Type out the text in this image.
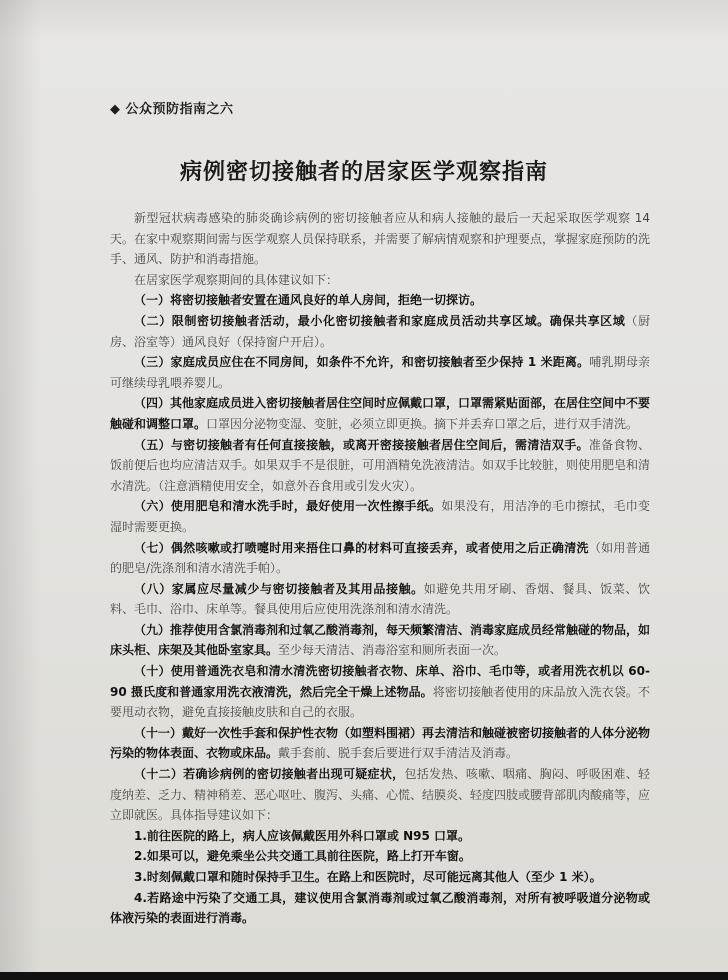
◆ 公众预防指南之六
病例密切接触者的居家医学观察指南

新型冠状病毒感染的肺炎确诊病例的密切接触者应从和病人接触的最后一天起采取医学观察 14 天。在家中观察期间需与医学观察人员保持联系，并需要了解病情观察和护理要点，掌握家庭预防的洗手、通风、防护和消毒措施。

在居家医学观察期间的具体建议如下：

（一）将密切接触者安置在通风良好的单人房间，拒绝一切探访。

（二）限制密切接触者活动，最小化密切接触者和家庭成员活动共享区域。确保共享区域（厨房、浴室等）通风良好（保持窗户开启）。

（三）家庭成员应住在不同房间，如条件不允许，和密切接触者至少保持 1 米距离。哺乳期母亲可继续母乳喂养婴儿。

（四）其他家庭成员进入密切接触者居住空间时应佩戴口罩，口罩需紧贴面部，在居住空间中不要触碰和调整口罩。口罩因分泌物变湿、变脏，必须立即更换。摘下并丢弃口罩之后，进行双手清洗。

（五）与密切接触者有任何直接接触，或离开密接接触者居住空间后，需清洁双手。准备食物、饭前便后也均应清洁双手。如果双手不是很脏，可用酒精免洗液清洁。如双手比较脏，则使用肥皂和清水清洗。（注意酒精使用安全，如意外吞食用或引发火灾）。

（六）使用肥皂和清水洗手时，最好使用一次性擦手纸。如果没有，用洁净的毛巾擦拭，毛巾变湿时需要更换。

（七）偶然咳嗽或打喷嚏时用来捂住口鼻的材料可直接丢弃，或者使用之后正确清洗（如用普通的肥皂/洗涤剂和清水清洗手帕）。

（八）家属应尽量减少与密切接触者及其用品接触。如避免共用牙刷、香烟、餐具、饭菜、饮料、毛巾、浴巾、床单等。餐具使用后应使用洗涤剂和清水清洗。

（九）推荐使用含氯消毒剂和过氧乙酸消毒剂，每天频繁清洁、消毒家庭成员经常触碰的物品，如床头柜、床架及其他卧室家具。至少每天清洁、消毒浴室和厕所表面一次。

（十）使用普通洗衣皂和清水清洗密切接触者衣物、床单、浴巾、毛巾等，或者用洗衣机以 60-90 摄氏度和普通家用洗衣液清洗，然后完全干燥上述物品。将密切接触者使用的床品放入洗衣袋。不要甩动衣物，避免直接接触皮肤和自己的衣服。

（十一）戴好一次性手套和保护性衣物（如塑料围裙）再去清洁和触碰被密切接触者的人体分泌物污染的物体表面、衣物或床品。戴手套前、脱手套后要进行双手清洁及消毒。

（十二）若确诊病例的密切接触者出现可疑症状，包括发热、咳嗽、咽痛、胸闷、呼吸困难、轻度纳差、乏力、精神稍差、恶心呕吐、腹泻、头痛、心慌、结膜炎、轻度四肢或腰背部肌肉酸痛等，应立即就医。具体指导建议如下：

1.前往医院的路上，病人应该佩戴医用外科口罩或 N95 口罩。

2.如果可以，避免乘坐公共交通工具前往医院，路上打开车窗。

3.时刻佩戴口罩和随时保持手卫生。在路上和医院时，尽可能远离其他人（至少 1 米）。

4.若路途中污染了交通工具，建议使用含氯消毒剂或过氧乙酸消毒剂，对所有被呼吸道分泌物或体液污染的表面进行消毒。
